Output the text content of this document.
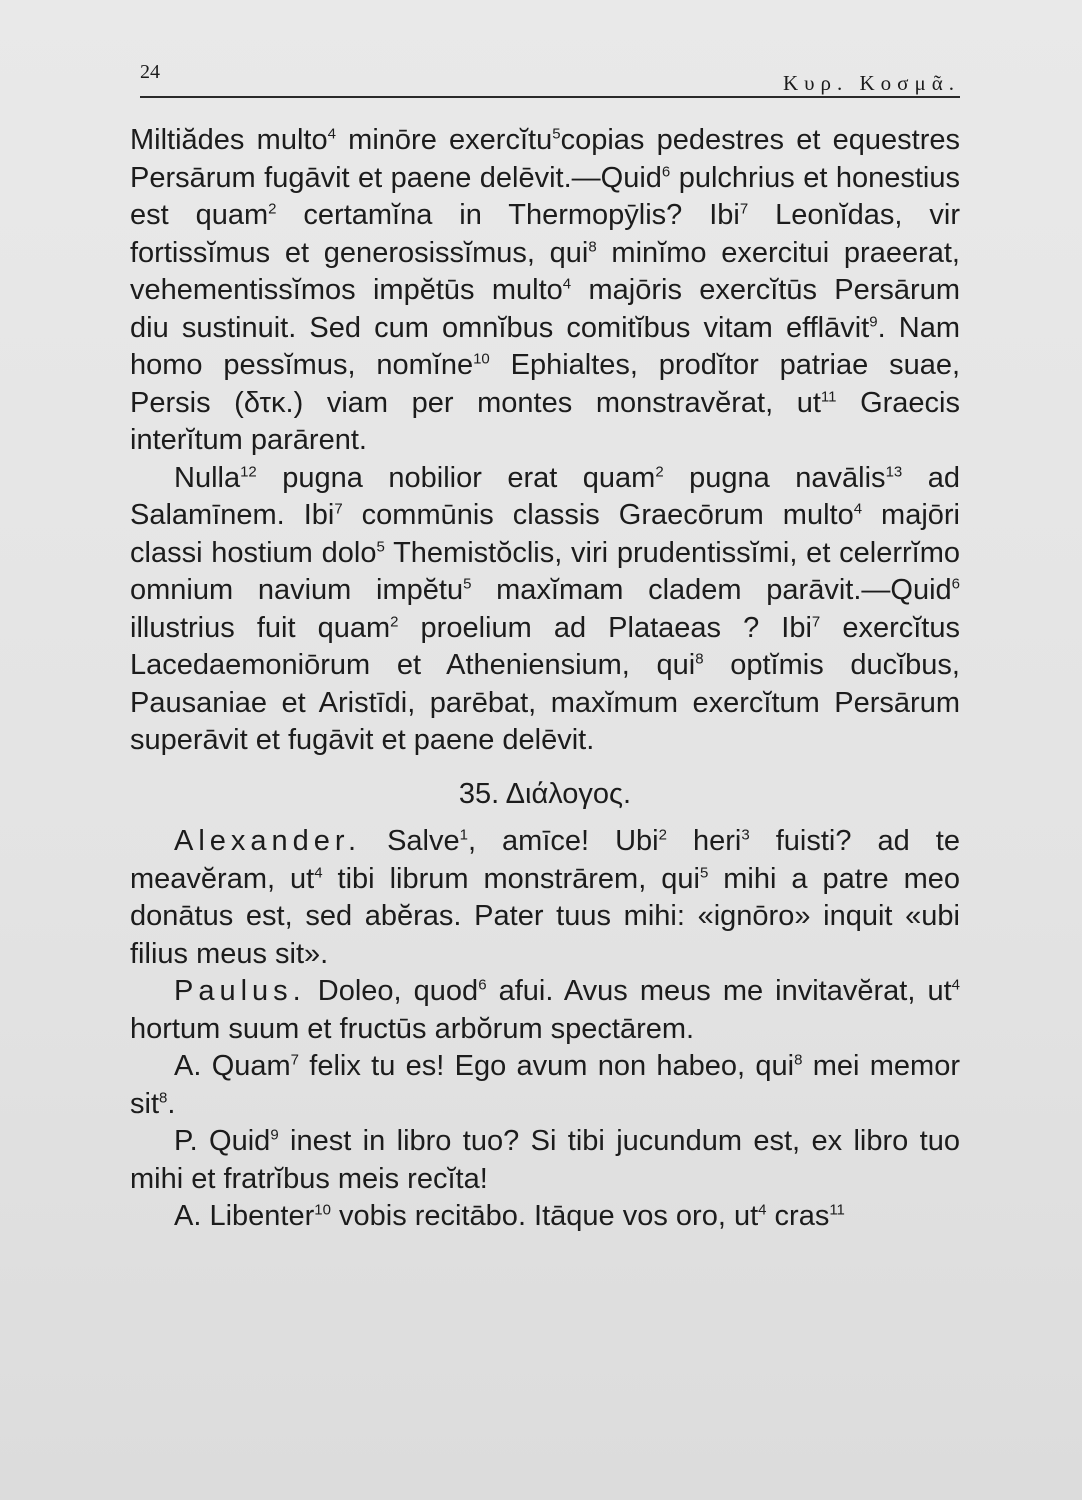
24	Κυρ. Κοσμᾶ.

Miltiădes multo$^4$ minōre exercĭtu$^5$copias pedestres et equestres Persārum fugāvit et paene delēvit.—Quid$^6$ pulchrius et honestius est quam$^2$ certamĭna in Thermopȳlis? Ibi$^7$ Leonĭdas, vir fortissĭmus et generosissĭmus, qui$^8$ minĭmo exercitui praeerat, vehementissĭmos impĕtūs multo$^4$ majōris exercĭtūs Persārum diu sustinuit. Sed cum omnĭbus comitĭbus vitam efflāvit$^9$. Nam homo pessĭmus, nomĭne$^{10}$ Ephialtes, prodĭtor patriae suae, Persis (δτκ.) viam per montes monstravĕrat, $ut^{11}$ Graecis interĭtum parārent.

Nulla$^{12}$ pugna nobilior erat quam$^2$ pugna navālis$^{13}$ ad Salamīnem. Ibi$^7$ commūnis classis Graecōrum multo$^4$ majōri classi hostium dolo$^5$ Themistŏclis, viri prudentissĭmi, et celerrĭmo omnium navium impĕtu$^5$ maxĭmam cladem parāvit.—Quid$^6$ illustrius fuit quam$^2$ proelium ad Plataeas ? Ibi$^7$ exercĭtus Lacedaemoniōrum et Atheniensium, qui$^8$ optĭmis ducĭbus, Pausaniae et Aristīdi, parēbat, maxĭmum exercĭtum Persārum superāvit et fugāvit et paene delēvit.

35. Διάλογος.

Alexander. Salve$^1$, amīce! Ubi$^2$ heri$^3$ fuisti? ad te meavĕram, $ut^4$ tibi librum monstrārem, qui$^5$ mihi a patre meo donātus est, sed abĕras. Pater tuus mihi: «ignōro» inquit «ubi filius meus sit».

Paulus. Doleo, quod$^6$ afui. Avus meus me invitavĕrat, $ut^4$ hortum suum et fructūs arbŏrum spectārem.

A. Quam$^7$ felix tu es! Ego avum non habeo, qui$^8$ mei memor sit$^8$.

P. Quid$^9$ inest in libro tuo? Si tibi jucundum est, ex libro tuo mihi et fratrĭbus meis recĭta!

A. Libenter$^{10}$ vobis recitābo. Itāque vos oro, $ut^4$ cras$^{11}$
